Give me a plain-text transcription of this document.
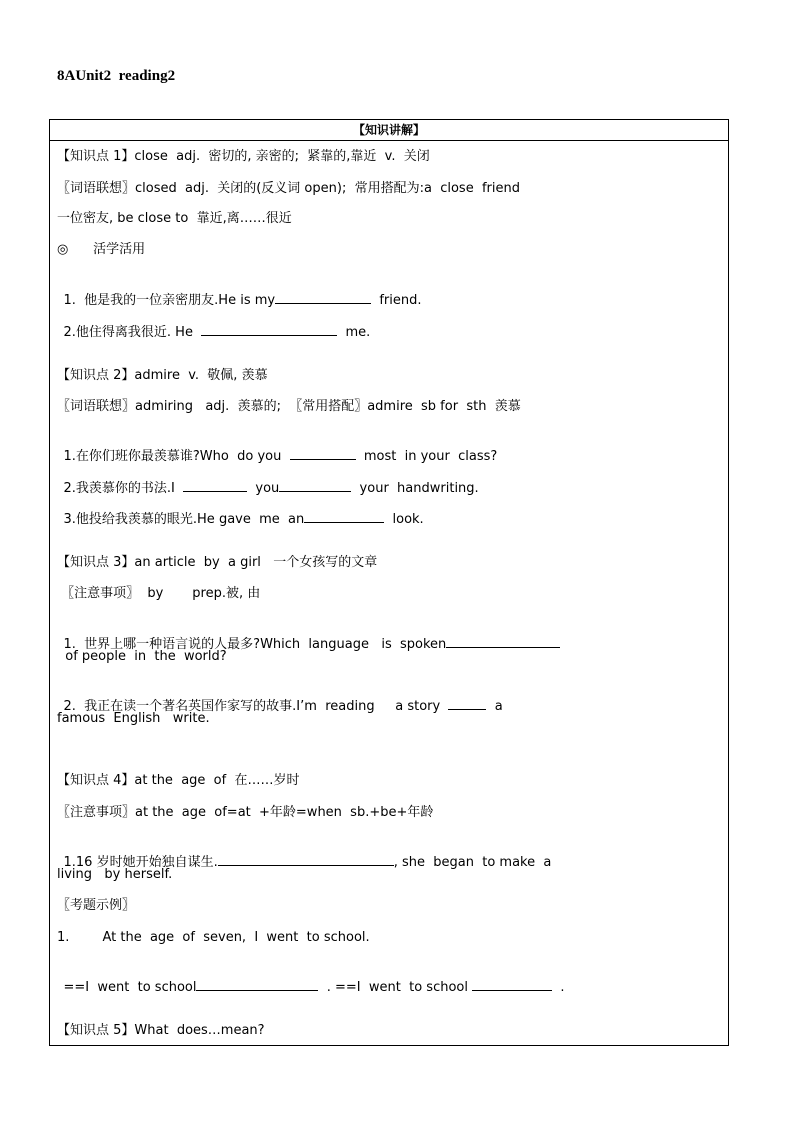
8AUnit2  reading2
【知识讲解】
【知识点 1】close  adj.  密切的, 亲密的;  紧靠的,靠近  v.  关闭
〖词语联想〗closed  adj.  关闭的(反义词 open);  常用搭配为:a  close  friend
一位密友, be close to  靠近,离……很近
◎      活学活用

1.  他是我的一位亲密朋友.He is my	friend.

2.他住得离我很近. He	me.

【知识点 2】admire  v.  敬佩, 羡慕
〖词语联想〗admiring   adj.  羡慕的;  〖常用搭配〗admire  sb for  sth  羡慕

1.在你们班你最羡慕谁?Who  do you	most  in your  class?

2.我羡慕你的书法.I	you	your  handwriting.

3.他投给我羡慕的眼光.He gave  me  an	look.

【知识点 3】an article  by  a girl   一个女孩写的文章
〖注意事项〗  by       prep.被, 由

1.  世界上哪一种语言说的人最多?Which  language   is  spoken

of people  in  the  world?

2.  我正在读一个著名英国作家写的故事.I’m  reading     a story	a

famous  English   write.
【知识点 4】at the  age  of  在……岁时
〖注意事项〗at the  age  of=at  +年龄=when  sb.+be+年龄

1.16 岁时她开始独自谋生.	, she  began  to make  a

living   by herself.
〖考题示例〗
1.        At the  age  of  seven,  I  went  to school.

==I  went  to school	. ==I  went  to school	.

【知识点 5】What  does…mean?
